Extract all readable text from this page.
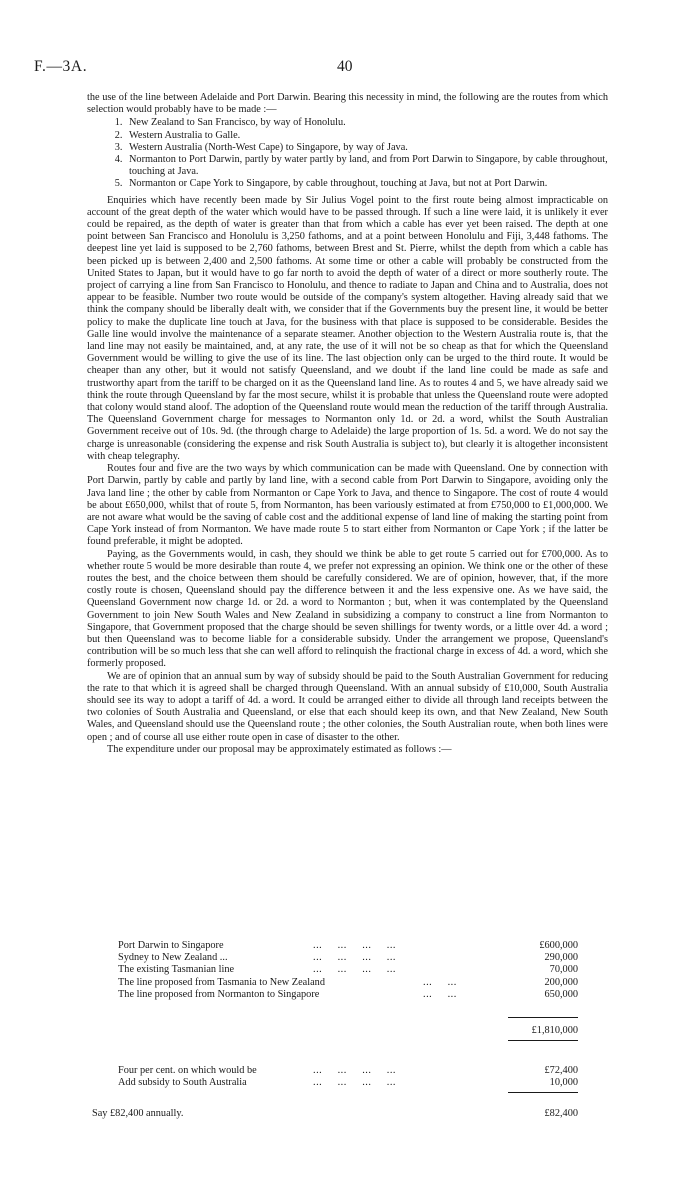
F.—3A.	40

the use of the line between Adelaide and Port Darwin. Bearing this necessity in mind, the following are the routes from which selection would probably have to be made :—

1. New Zealand to San Francisco, by way of Honolulu.
2. Western Australia to Galle.
3. Western Australia (North-West Cape) to Singapore, by way of Java.
4. Normanton to Port Darwin, partly by water partly by land, and from Port Darwin to Singapore, by cable throughout, touching at Java.
5. Normanton or Cape York to Singapore, by cable throughout, touching at Java, but not at Port Darwin.

Enquiries which have recently been made by Sir Julius Vogel point to the first route being almost impracticable on account of the great depth of the water which would have to be passed through. If such a line were laid, it is unlikely it ever could be repaired, as the depth of water is greater than that from which a cable has ever yet been raised. The depth at one point between San Francisco and Honolulu is 3,250 fathoms, and at a point between Honolulu and Fiji, 3,448 fathoms. The deepest line yet laid is supposed to be 2,760 fathoms, between Brest and St. Pierre, whilst the depth from which a cable has been picked up is between 2,400 and 2,500 fathoms. At some time or other a cable will probably be constructed from the United States to Japan, but it would have to go far north to avoid the depth of water of a direct or more southerly route. The project of carrying a line from San Francisco to Honolulu, and thence to radiate to Japan and China and to Australia, does not appear to be feasible. Number two route would be outside of the company's system altogether. Having already said that we think the company should be liberally dealt with, we consider that if the Governments buy the present line, it would be better policy to make the duplicate line touch at Java, for the business with that place is supposed to be considerable. Besides the Galle line would involve the maintenance of a separate steamer. Another objection to the Western Australia route is, that the land line may not easily be maintained, and, at any rate, the use of it will not be so cheap as that for which the Queensland Government would be willing to give the use of its line. The last objection only can be urged to the third route. It would be cheaper than any other, but it would not satisfy Queensland, and we doubt if the land line could be made as safe and trustworthy apart from the tariff to be charged on it as the Queensland land line. As to routes 4 and 5, we have already said we think the route through Queensland by far the most secure, whilst it is probable that unless the Queensland route were adopted that colony would stand aloof. The adoption of the Queensland route would mean the reduction of the tariff through Australia. The Queensland Government charge for messages to Normanton only 1d. or 2d. a word, whilst the South Australian Government receive out of 10s. 9d. (the through charge to Adelaide) the large proportion of 1s. 5d. a word. We do not say the charge is unreasonable (considering the expense and risk South Australia is subject to), but clearly it is altogether inconsistent with cheap telegraphy.

Routes four and five are the two ways by which communication can be made with Queensland. One by connection with Port Darwin, partly by cable and partly by land line, with a second cable from Port Darwin to Singapore, avoiding only the Java land line ; the other by cable from Normanton or Cape York to Java, and thence to Singapore. The cost of route 4 would be about £650,000, whilst that of route 5, from Normanton, has been variously estimated at from £750,000 to £1,000,000. We are not aware what would be the saving of cable cost and the additional expense of land line of making the starting point from Cape York instead of from Normanton. We have made route 5 to start either from Normanton or Cape York ; if the latter be found preferable, it might be adopted.

Paying, as the Governments would, in cash, they should we think be able to get route 5 carried out for £700,000. As to whether route 5 would be more desirable than route 4, we prefer not expressing an opinion. We think one or the other of these routes the best, and the choice between them should be carefully considered. We are of opinion, however, that, if the more costly route is chosen, Queensland should pay the difference between it and the less expensive one. As we have said, the Queensland Government now charge 1d. or 2d. a word to Normanton ; but, when it was contemplated by the Queensland Government to join New South Wales and New Zealand in subsidizing a company to construct a line from Normanton to Singapore, that Government proposed that the charge should be seven shillings for twenty words, or a little over 4d. a word ; but then Queensland was to become liable for a considerable subsidy. Under the arrangement we propose, Queensland's contribution will be so much less that she can well afford to relinquish the fractional charge in excess of 4d. a word, which she formerly proposed.

We are of opinion that an annual sum by way of subsidy should be paid to the South Australian Government for reducing the rate to that which it is agreed shall be charged through Queensland. With an annual subsidy of £10,000, South Australia should see its way to adopt a tariff of 4d. a word. It could be arranged either to divide all through land receipts between the two colonies of South Australia and Queensland, or else that each should keep its own, and that New Zealand, New South Wales, and Queensland should use the Queensland route ; the other colonies, the South Australian route, when both lines were open ; and of course all use either route open in case of disaster to the other.

The expenditure under our proposal may be approximately estimated as follows :—

Port Darwin to Singapore	...     ...     ...     ...	£600,000
Sydney to New Zealand ...	...     ...     ...     ...	290,000
The existing Tasmanian line	...     ...     ...     ...	70,000
The line proposed from Tasmania to New Zealand	...     ...	200,000
The line proposed from Normanton to Singapore	...     ...	650,000
£1,810,000
Four per cent. on which would be	...     ...     ...     ...	£72,400
Add subsidy to South Australia	...     ...     ...     ...	10,000
Say £82,400 annually.	£82,400
